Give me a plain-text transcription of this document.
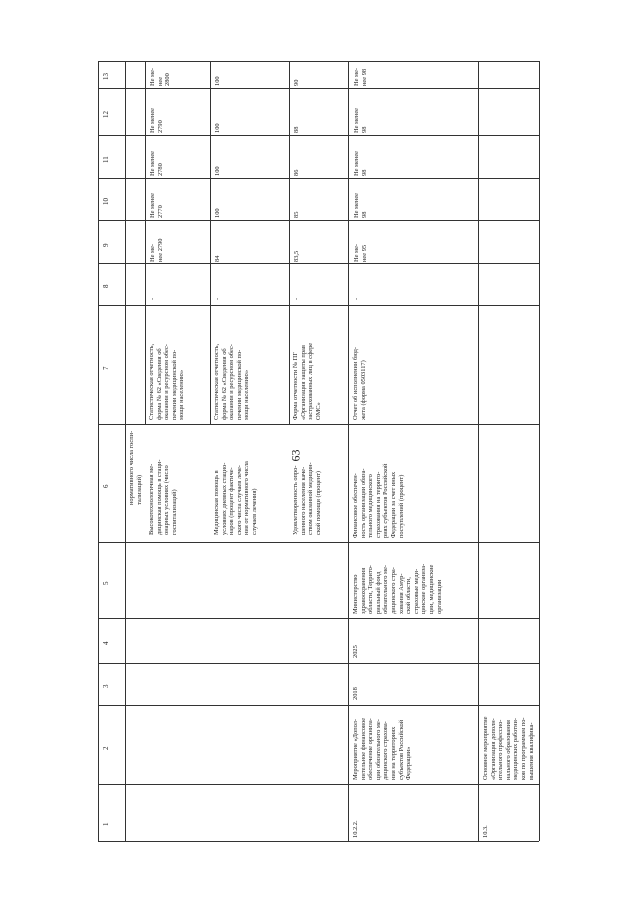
1
2
3
4
5
6
7
8
9
10
11
12
13
63
нормативного числа госпи-
тализаций) Высокотехнологичная ме-
дицинская помощь в стаци-
онарных условиях (число
госпитализаций)
Статистическая отчетность,
форма № 62 «Сведения об
оказании и ресурсном обес-
печении медицинской по-
мощи населению»
-
Не ме-
нее 2790
Не менее
2770
Не менее
2780
Не менее
2790
Не ме-
нее
2800
Медицинская помощь в
условиях дневных стацио-
наров (процент фактиче-
ского числа случаев лече-
ния от нормативного числа
случаев лечения)
Статистическая отчетность,
форма № 62 «Сведения об
оказании и ресурсном обес-
печении медицинской по-
мощи населению»
-
84
100
100
100
100
Удовлетворенность опро-
шенного населения каче-
ством оказанной медицин-
ской помощи (процент)
Форма отчетности № ПГ
«Организация защиты прав
застрахованных лиц в сфере
ОМС»
-
83,5
85
86
88
90
10.2.2.
Мероприятие «Допол-
нительное финансовое
обеспечение организа-
ции обязательного ме-
дицинского страхова-
ния на территориях
субъектов Российской
Федерации»
2018
2025
Министерство
здравоохранения
области, Террито-
риальный фонд
обязательного ме-
дицинского стра-
хования Амур-
ской области,
страховые меди-
цинские организа-
ции, медицинские
организации
Финансовое обеспечен-
ность организации обяза-
тельного медицинского
страхования на террито-
риях субъектов Российской
Федерации за счет иных
поступлений (процент)
Отчет об исполнении бюд-
жета (форма 0503117)
-
Не ме-
нее 95
Не менее
98
Не менее
98
Не менее
98
Не ме-
нее 98
10.3.
Основное мероприятие
«Организация дополн-
ительного профессио-
нального образования
медицинских работни-
ков по программам по-
вышения квалифика-
